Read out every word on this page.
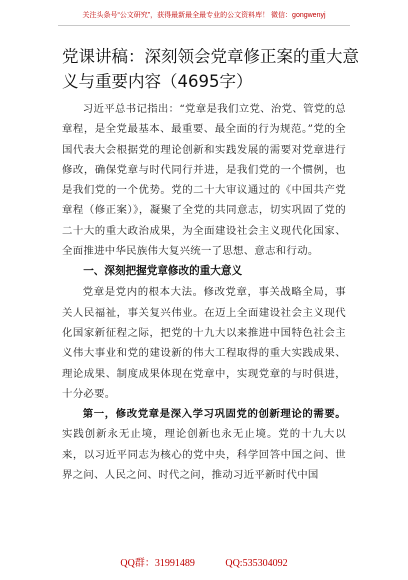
关注头条号“公文研究”，获得最新最全最专业的公文资料库！ 微信：gongwenyj
党课讲稿：深刻领会党章修正案的重大意义与重要内容（4695字）

习近平总书记指出：“党章是我们立党、治党、管党的总章程，是全党最基本、最重要、最全面的行为规范。”党的全国代表大会根据党的理论创新和实践发展的需要对党章进行修改，确保党章与时代同行并进，是我们党的一个惯例，也是我们党的一个优势。党的二十大审议通过的《中国共产党章程（修正案）》，凝聚了全党的共同意志，切实巩固了党的二十大的重大政治成果，为全面建设社会主义现代化国家、全面推进中华民族伟大复兴统一了思想、意志和行动。

一、深刻把握党章修改的重大意义

党章是党内的根本大法。修改党章，事关战略全局，事关人民福祉，事关复兴伟业。在迈上全面建设社会主义现代化国家新征程之际，把党的十九大以来推进中国特色社会主义伟大事业和党的建设新的伟大工程取得的重大实践成果、理论成果、制度成果体现在党章中，实现党章的与时俱进，十分必要。

第一，修改党章是深入学习巩固党的创新理论的需要。实践创新永无止境，理论创新也永无止境。党的十九大以来，以习近平同志为核心的党中央，科学回答中国之问、世界之问、人民之问、时代之问，推动习近平新时代中国

QQ群：31991489	QQ:535304092
